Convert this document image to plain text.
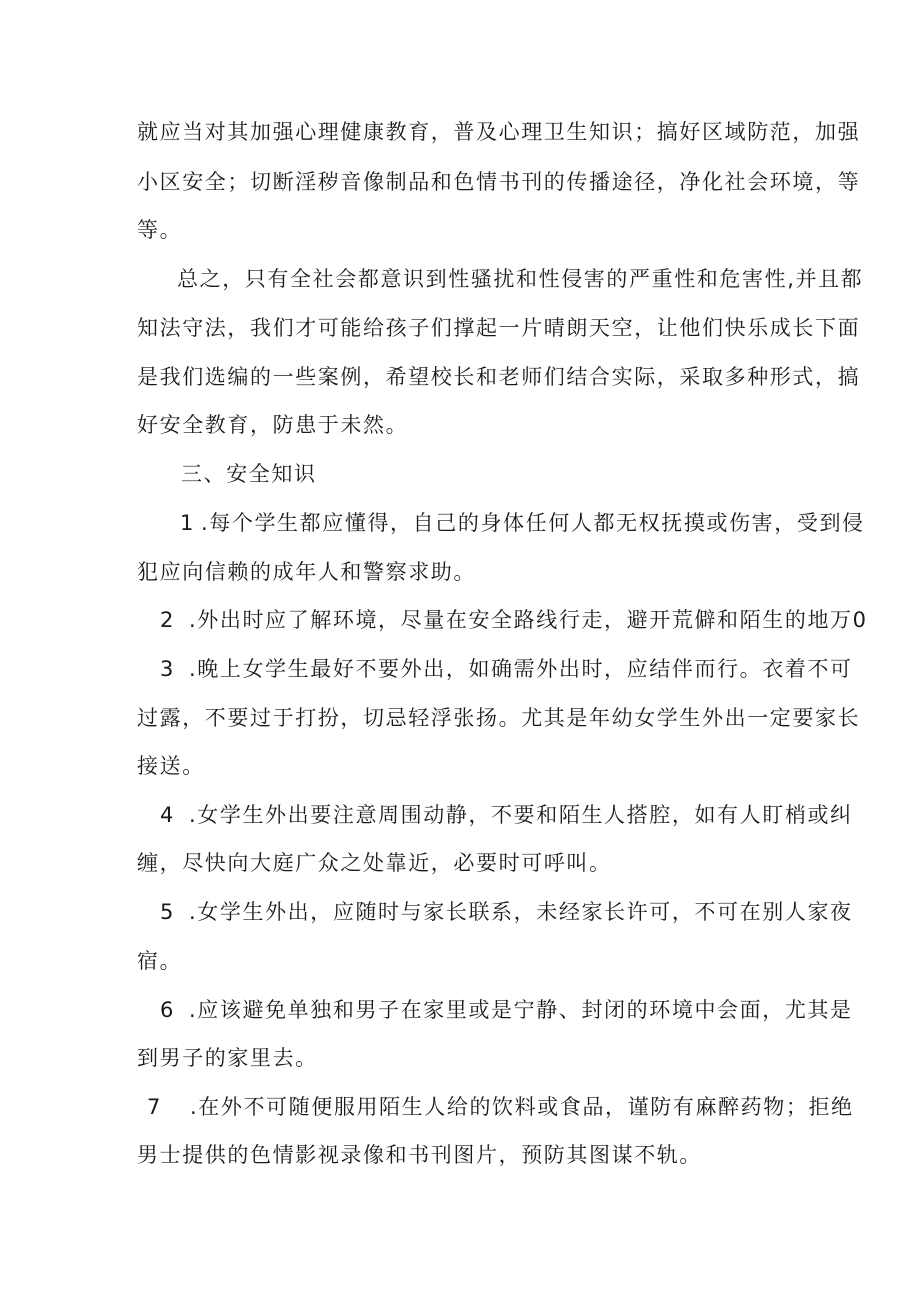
就应当对其加强心理健康教育，普及心理卫生知识；搞好区域防范，加强
小区安全；切断淫秽音像制品和色情书刊的传播途径，净化社会环境，等
等。
总之，只有全社会都意识到性骚扰和性侵害的严重性和危害性,并且都
知法守法，我们才可能给孩子们撑起一片晴朗天空，让他们快乐成长下面
是我们选编的一些案例，希望校长和老师们结合实际，采取多种形式，搞
好安全教育，防患于未然。
三、安全知识
1 .每个学生都应懂得，自己的身体任何人都无权抚摸或伤害，受到侵
犯应向信赖的成年人和警察求助。
2 .外出时应了解环境，尽量在安全路线行走，避开荒僻和陌生的地万0
3 .晚上女学生最好不要外出，如确需外出时，应结伴而行。衣着不可
过露，不要过于打扮，切忌轻浮张扬。尤其是年幼女学生外出一定要家长
接送。
4 .女学生外出要注意周围动静，不要和陌生人搭腔，如有人盯梢或纠
缠，尽快向大庭广众之处靠近，必要时可呼叫。
5 .女学生外出，应随时与家长联系，未经家长许可，不可在别人家夜
宿。
6 .应该避免单独和男子在家里或是宁静、封闭的环境中会面，尤其是
到男子的家里去。
7 .在外不可随便服用陌生人给的饮料或食品，谨防有麻醉药物；拒绝
男士提供的色情影视录像和书刊图片，预防其图谋不轨。
